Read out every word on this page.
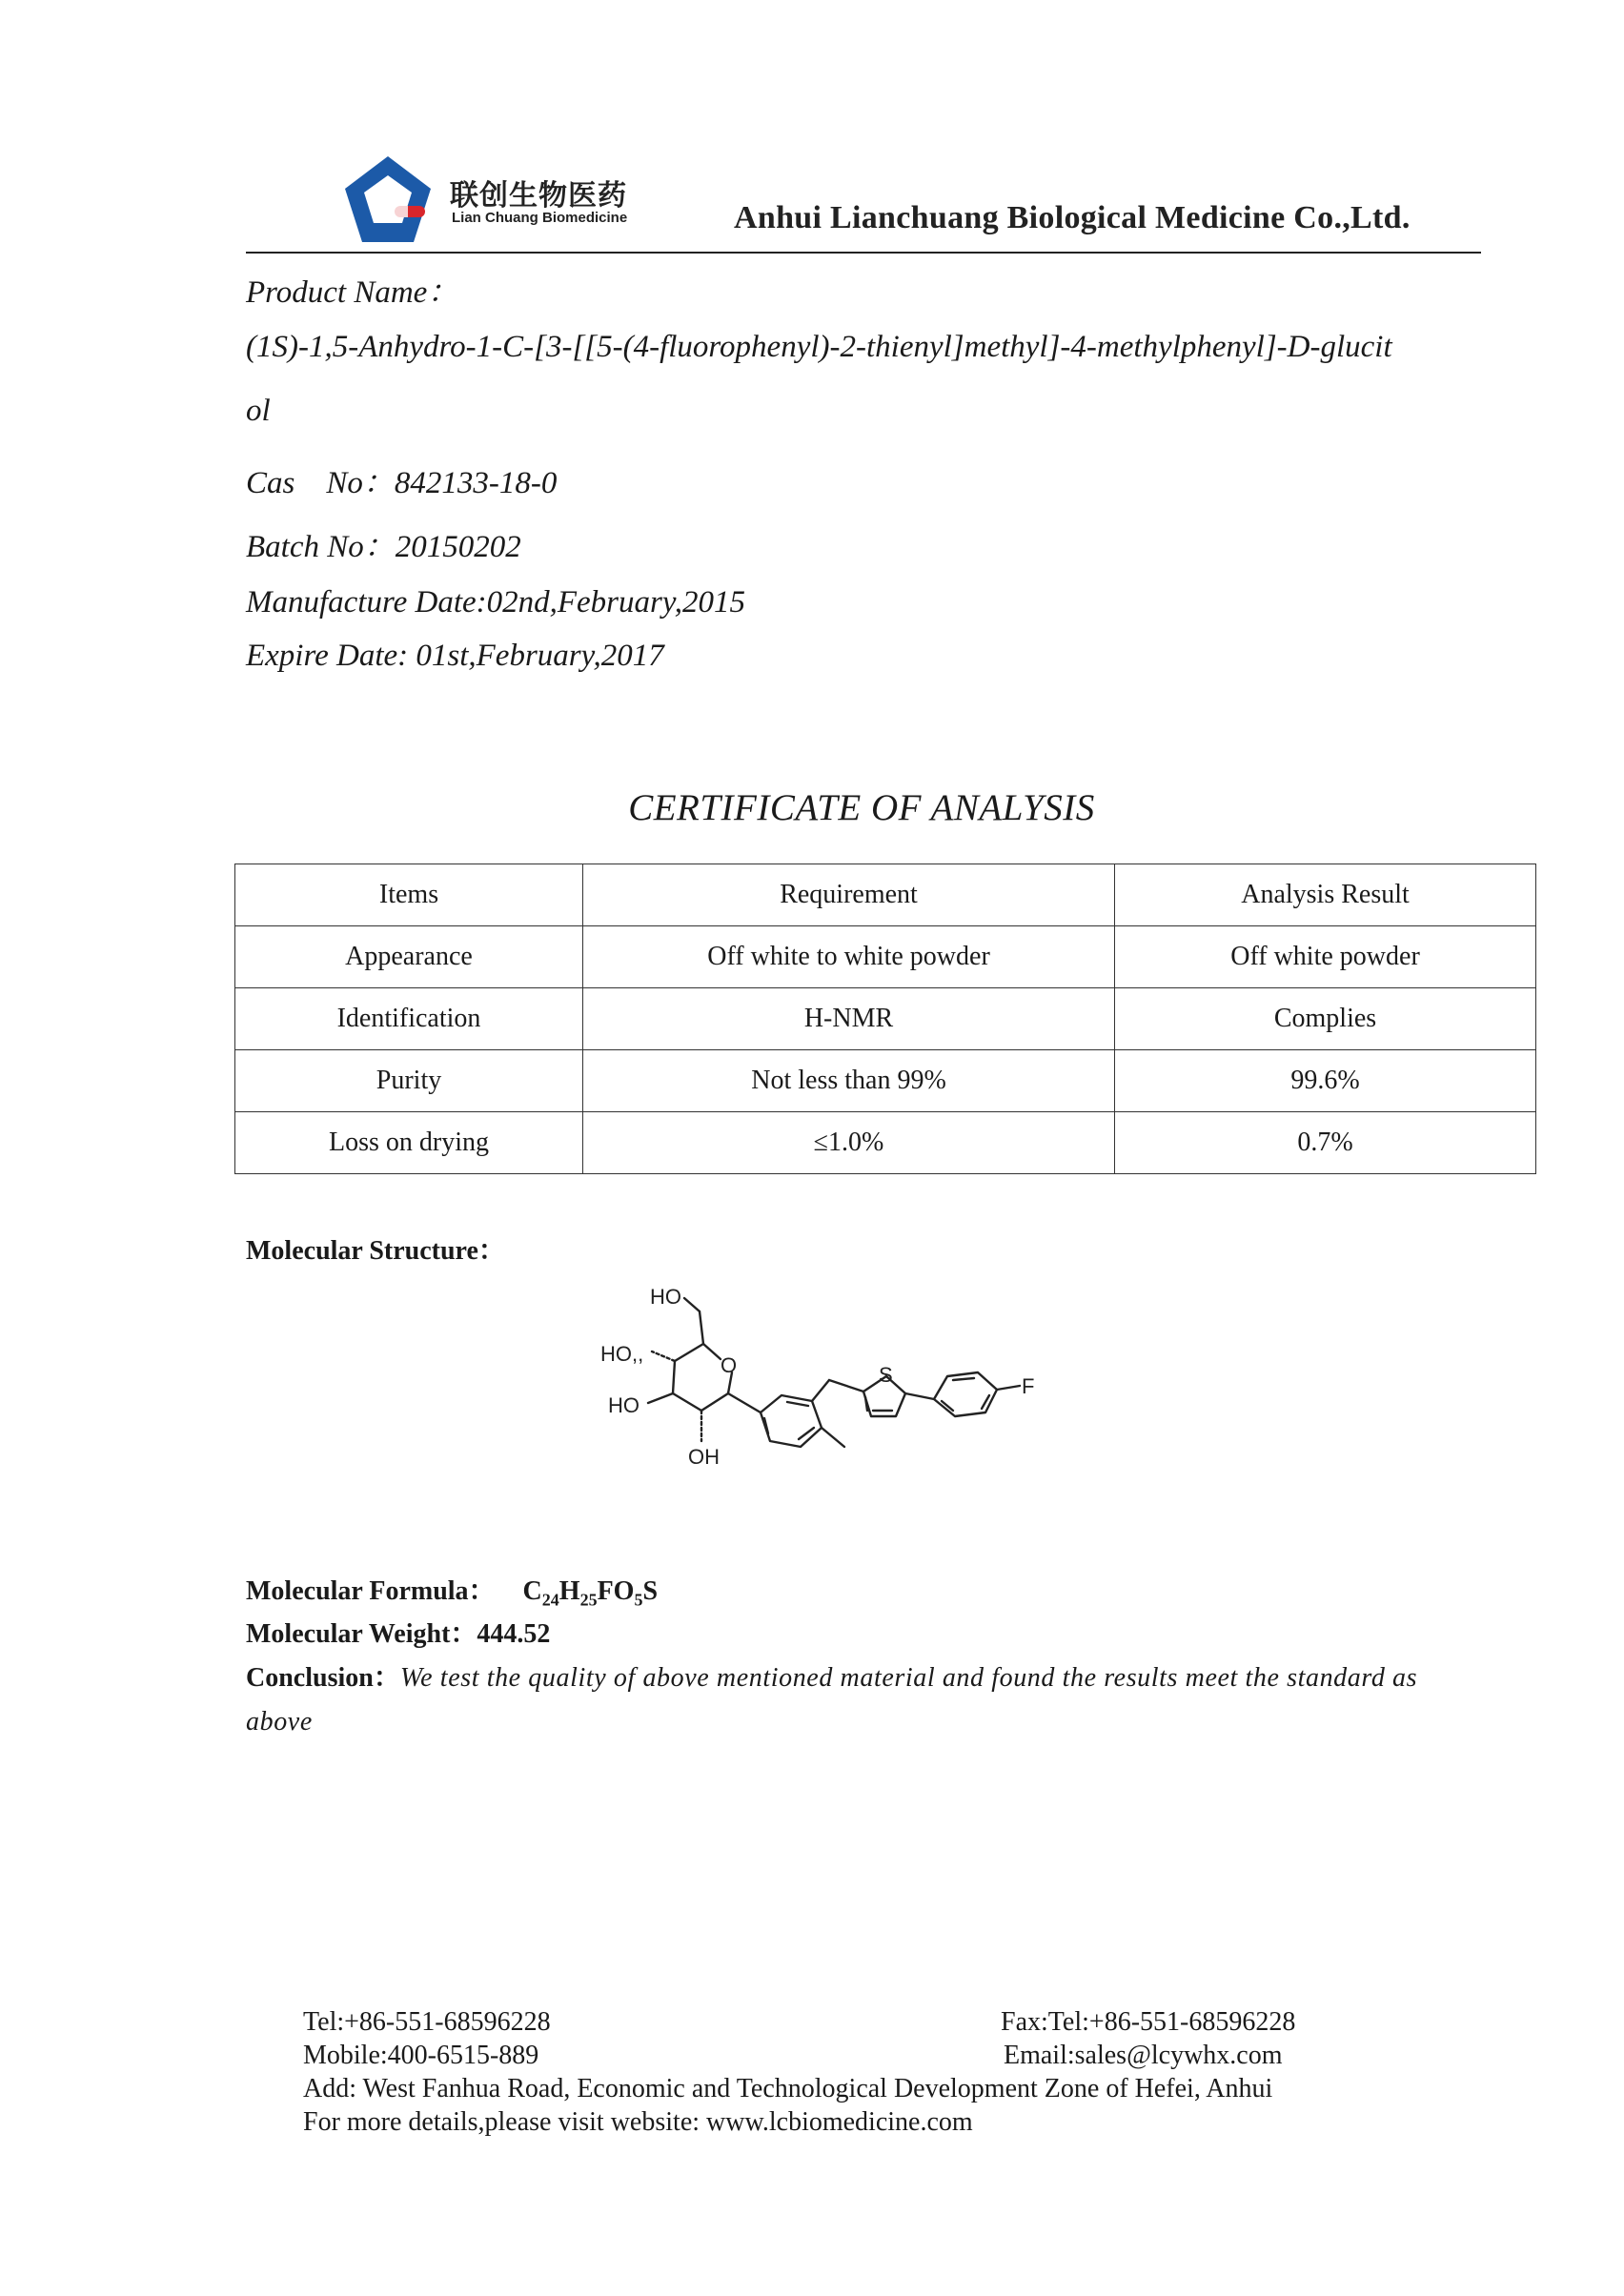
联创生物医药
Lian Chuang Biomedicine	Anhui Lianchuang Biological Medicine Co.,Ltd.
Product Name：
(1S)-1,5-Anhydro-1-C-[3-[[5-(4-fluorophenyl)-2-thienyl]methyl]-4-methylphenyl]-D-glucit
ol
Cas    No：842133-18-0
Batch No：20150202
Manufacture Date:02nd,February,2015
Expire Date: 01st,February,2017
CERTIFICATE OF ANALYSIS
Items	Requirement	Analysis Result
Appearance	Off white to white powder	Off white powder
Identification	H-NMR	Complies
Purity	Not less than 99%	99.6%
Loss on drying	≤1.0%	0.7%
Molecular Structure：
HO
HO,,
HO
OH
O	S	F
Molecular Formula： $C_{24}H_{25}FO_5S$
Molecular Weight：444.52
Conclusion：We test the quality of above mentioned material and found the results meet the standard as above
Tel:+86-551-68596228	Fax:Tel:+86-551-68596228
Mobile:400-6515-889	Email:sales@lcywhx.com
Add: West Fanhua Road, Economic and Technological Development Zone of Hefei, Anhui
For more details,please visit website: www.lcbiomedicine.com
